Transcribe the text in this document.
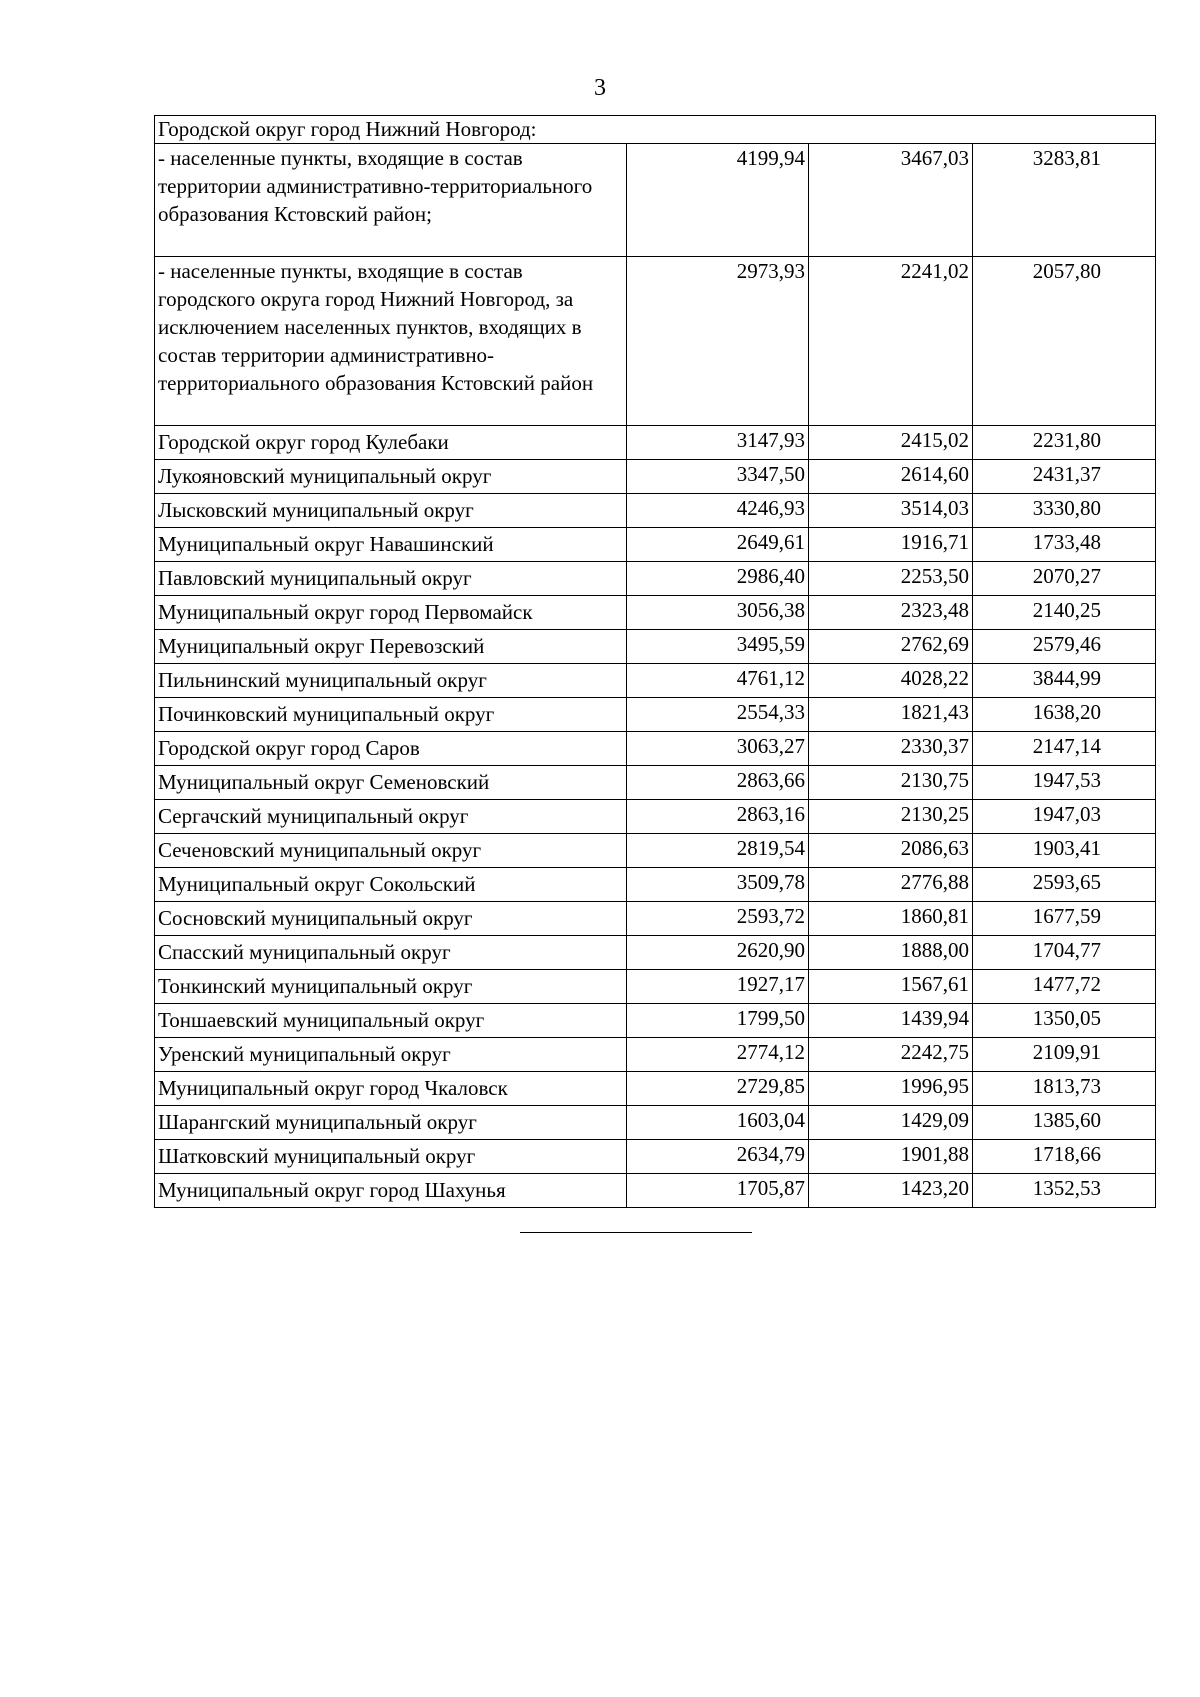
3
Городской округ город Нижний Новгород:			
- населенные пункты, входящие в состав территории административно-территориального образования Кстовский район;	4199,94	3467,03	3283,81
- населенные пункты, входящие в состав городского округа город Нижний Новгород, за исключением населенных пунктов, входящих в состав территории административно-территориального образования Кстовский район	2973,93	2241,02	2057,80
Городской округ город Кулебаки	3147,93	2415,02	2231,80
Лукояновский муниципальный округ	3347,50	2614,60	2431,37
Лысковский муниципальный округ	4246,93	3514,03	3330,80
Муниципальный округ Навашинский	2649,61	1916,71	1733,48
Павловский муниципальный округ	2986,40	2253,50	2070,27
Муниципальный округ город Первомайск	3056,38	2323,48	2140,25
Муниципальный округ Перевозский	3495,59	2762,69	2579,46
Пильнинский муниципальный округ	4761,12	4028,22	3844,99
Починковский муниципальный округ	2554,33	1821,43	1638,20
Городской округ город Саров	3063,27	2330,37	2147,14
Муниципальный округ Семеновский	2863,66	2130,75	1947,53
Сергачский муниципальный округ	2863,16	2130,25	1947,03
Сеченовский муниципальный округ	2819,54	2086,63	1903,41
Муниципальный округ Сокольский	3509,78	2776,88	2593,65
Сосновский муниципальный округ	2593,72	1860,81	1677,59
Спасский муниципальный округ	2620,90	1888,00	1704,77
Тонкинский муниципальный округ	1927,17	1567,61	1477,72
Тоншаевский муниципальный округ	1799,50	1439,94	1350,05
Уренский муниципальный округ	2774,12	2242,75	2109,91
Муниципальный округ город Чкаловск	2729,85	1996,95	1813,73
Шарангский муниципальный округ	1603,04	1429,09	1385,60
Шатковский муниципальный округ	2634,79	1901,88	1718,66
Муниципальный округ город Шахунья	1705,87	1423,20	1352,53
